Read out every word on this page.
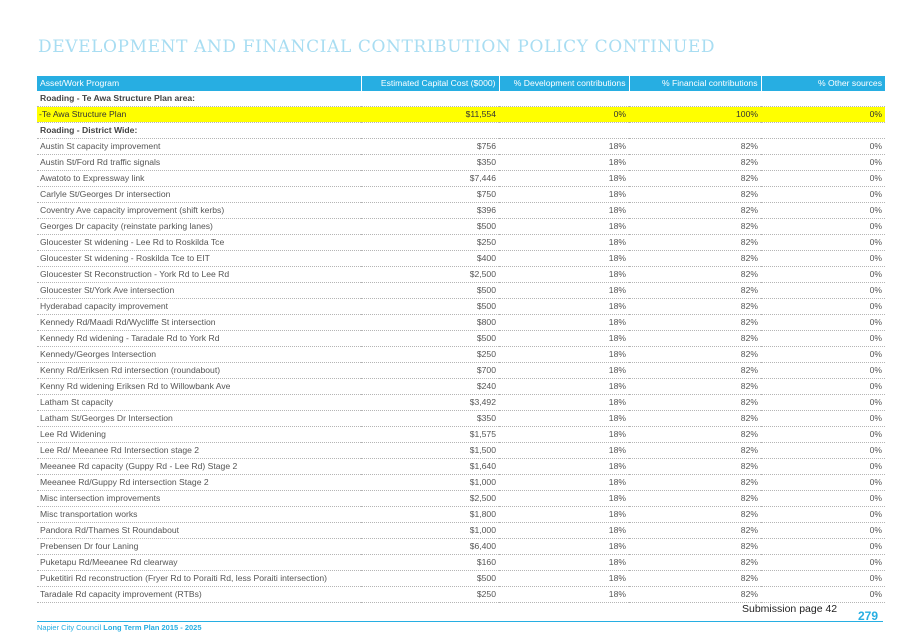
DEVELOPMENT AND FINANCIAL CONTRIBUTION POLICY CONTINUED
Asset/Work Program	Estimated Capital Cost ($000)	% Development contributions	% Financial contributions	% Other sources
Roading - Te Awa Structure Plan area:				
-Te Awa Structure Plan	$11,554	0%	100%	0%
Roading - District Wide:				
Austin St capacity improvement	$756	18%	82%	0%
Austin St/Ford Rd traffic signals	$350	18%	82%	0%
Awatoto to Expressway link	$7,446	18%	82%	0%
Carlyle St/Georges Dr intersection	$750	18%	82%	0%
Coventry Ave capacity improvement (shift kerbs)	$396	18%	82%	0%
Georges Dr capacity (reinstate parking lanes)	$500	18%	82%	0%
Gloucester St widening - Lee Rd to Roskilda Tce	$250	18%	82%	0%
Gloucester St widening - Roskilda Tce to EIT	$400	18%	82%	0%
Gloucester St Reconstruction - York Rd to Lee Rd	$2,500	18%	82%	0%
Gloucester St/York Ave intersection	$500	18%	82%	0%
Hyderabad capacity improvement	$500	18%	82%	0%
Kennedy Rd/Maadi Rd/Wycliffe St intersection	$800	18%	82%	0%
Kennedy Rd widening - Taradale Rd to York Rd	$500	18%	82%	0%
Kennedy/Georges Intersection	$250	18%	82%	0%
Kenny Rd/Eriksen Rd intersection (roundabout)	$700	18%	82%	0%
Kenny Rd widening Eriksen Rd to Willowbank Ave	$240	18%	82%	0%
Latham St capacity	$3,492	18%	82%	0%
Latham St/Georges Dr Intersection	$350	18%	82%	0%
Lee Rd Widening	$1,575	18%	82%	0%
Lee Rd/ Meeanee Rd Intersection stage 2	$1,500	18%	82%	0%
Meeanee Rd capacity (Guppy Rd - Lee Rd) Stage 2	$1,640	18%	82%	0%
Meeanee Rd/Guppy Rd intersection Stage 2	$1,000	18%	82%	0%
Misc intersection improvements	$2,500	18%	82%	0%
Misc transportation works	$1,800	18%	82%	0%
Pandora Rd/Thames St Roundabout	$1,000	18%	82%	0%
Prebensen Dr four Laning	$6,400	18%	82%	0%
Puketapu Rd/Meeanee Rd clearway	$160	18%	82%	0%
Puketitiri Rd reconstruction (Fryer Rd to Poraiti Rd, less Poraiti intersection)	$500	18%	82%	0%
Taradale Rd capacity improvement (RTBs)	$250	18%	82%	0%
Submission page 42
Napier City Council Long Term Plan 2015 - 2025
279
